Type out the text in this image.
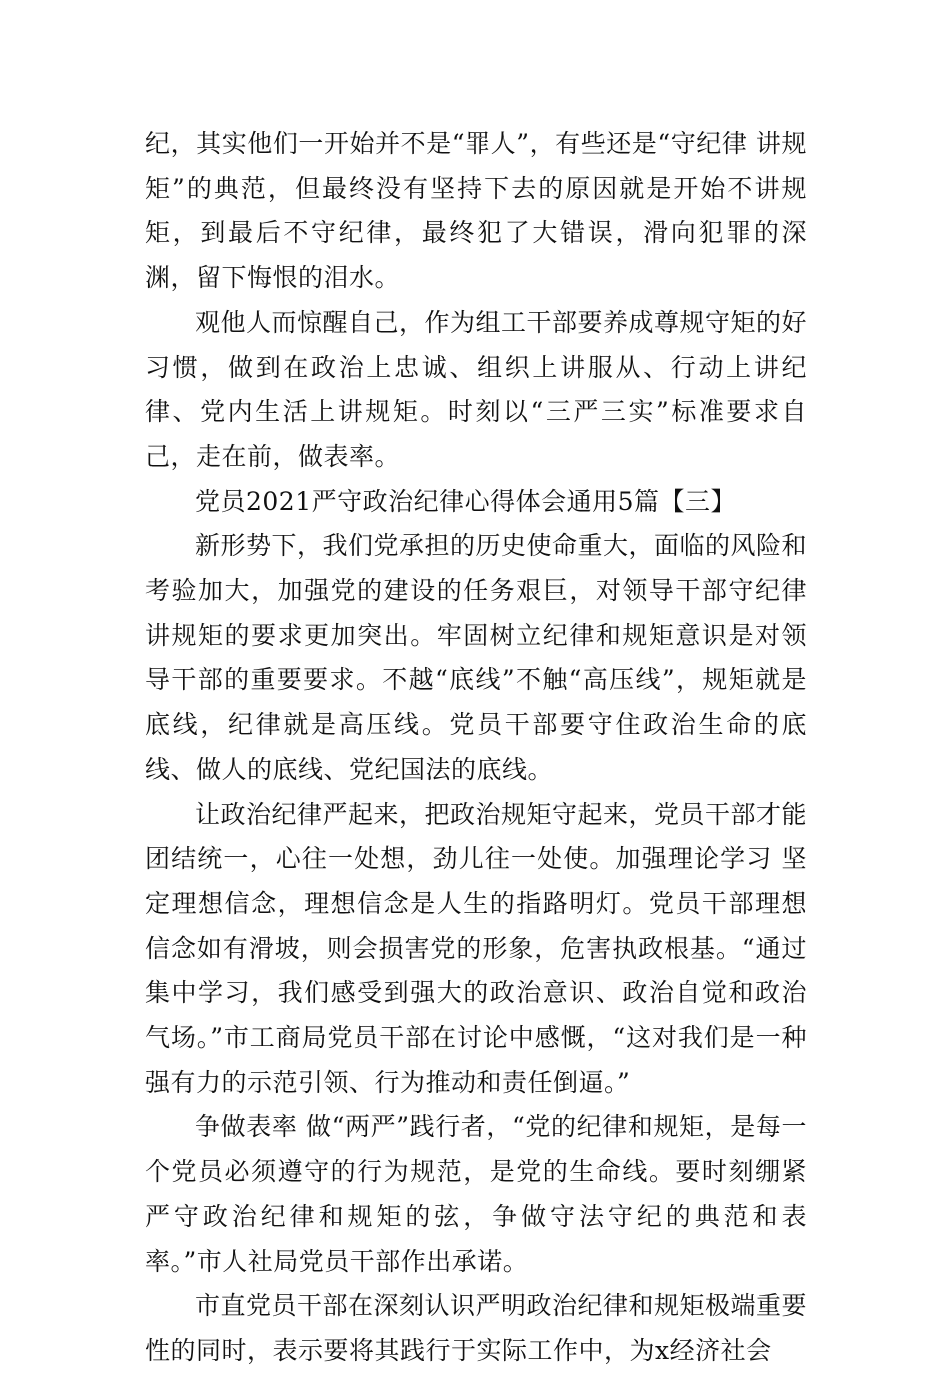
纪，其实他们一开始并不是“罪人”，有些还是“守纪律 讲规矩”的典范，但最终没有坚持下去的原因就是开始不讲规矩，到最后不守纪律，最终犯了大错误，滑向犯罪的深渊，留下悔恨的泪水。

观他人而惊醒自己，作为组工干部要养成尊规守矩的好习惯，做到在政治上忠诚、组织上讲服从、行动上讲纪律、党内生活上讲规矩。时刻以“三严三实”标准要求自己，走在前，做表率。

党员2021严守政治纪律心得体会通用5篇【三】

新形势下，我们党承担的历史使命重大，面临的风险和考验加大，加强党的建设的任务艰巨，对领导干部守纪律讲规矩的要求更加突出。牢固树立纪律和规矩意识是对领导干部的重要要求。不越“底线”不触“高压线”，规矩就是底线，纪律就是高压线。党员干部要守住政治生命的底线、做人的底线、党纪国法的底线。

让政治纪律严起来，把政治规矩守起来，党员干部才能团结统一，心往一处想，劲儿往一处使。加强理论学习 坚定理想信念，理想信念是人生的指路明灯。党员干部理想信念如有滑坡，则会损害党的形象，危害执政根基。“通过集中学习，我们感受到强大的政治意识、政治自觉和政治气场。”市工商局党员干部在讨论中感慨，“这对我们是一种强有力的示范引领、行为推动和责任倒逼。”

争做表率 做“两严”践行者，“党的纪律和规矩，是每一个党员必须遵守的行为规范，是党的生命线。要时刻绷紧严守政治纪律和规矩的弦，争做守法守纪的典范和表率。”市人社局党员干部作出承诺。

市直党员干部在深刻认识严明政治纪律和规矩极端重要性的同时，表示要将其践行于实际工作中，为x经济社会
